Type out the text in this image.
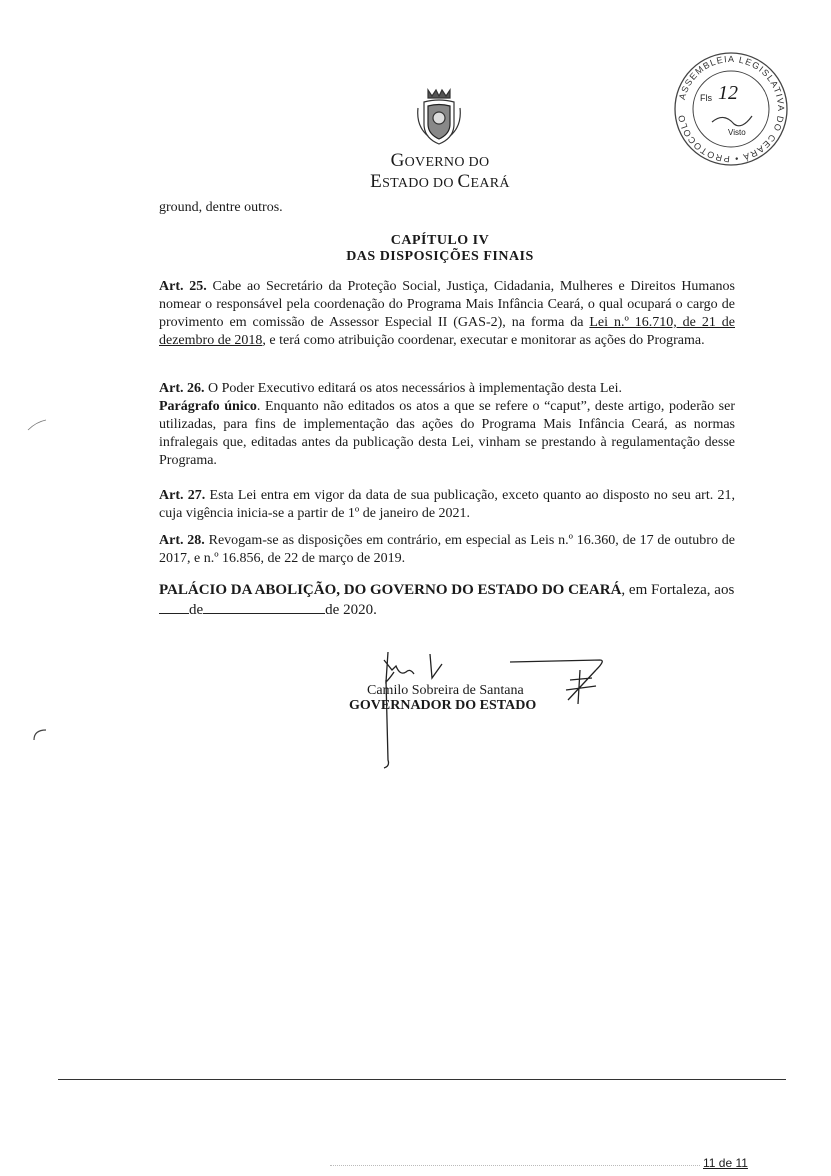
GOVERNO DO
ESTADO DO CEARÁ
ASSEMBLEIA LEGISLATIVA DO CEARÁ • PROTOCOLO
Fls 12
Visto
ground, dentre outros.
CAPÍTULO IV
DAS DISPOSIÇÕES FINAIS
Art. 25. Cabe ao Secretário da Proteção Social, Justiça, Cidadania, Mulheres e Direitos Humanos nomear o responsável pela coordenação do Programa Mais Infância Ceará, o qual ocupará o cargo de provimento em comissão de Assessor Especial II (GAS-2), na forma da Lei n.º 16.710, de 21 de dezembro de 2018, e terá como atribuição coordenar, executar e monitorar as ações do Programa.
Art. 26. O Poder Executivo editará os atos necessários à implementação desta Lei.
Parágrafo único. Enquanto não editados os atos a que se refere o “caput”, deste artigo, poderão ser utilizadas, para fins de implementação das ações do Programa Mais Infância Ceará, as normas infralegais que, editadas antes da publicação desta Lei, vinham se prestando à regulamentação desse Programa.
Art. 27. Esta Lei entra em vigor da data de sua publicação, exceto quanto ao disposto no seu art. 21, cuja vigência inicia-se a partir de 1º de janeiro de 2021.
Art. 28. Revogam-se as disposições em contrário, em especial as Leis n.º 16.360, de 17 de outubro de 2017, e n.º 16.856, de 22 de março de 2019.
PALÁCIO DA ABOLIÇÃO, DO GOVERNO DO ESTADO DO CEARÁ, em Fortaleza, aos
de	de 2020.
Camilo Sobreira de Santana
GOVERNADOR DO ESTADO
11 de 11
